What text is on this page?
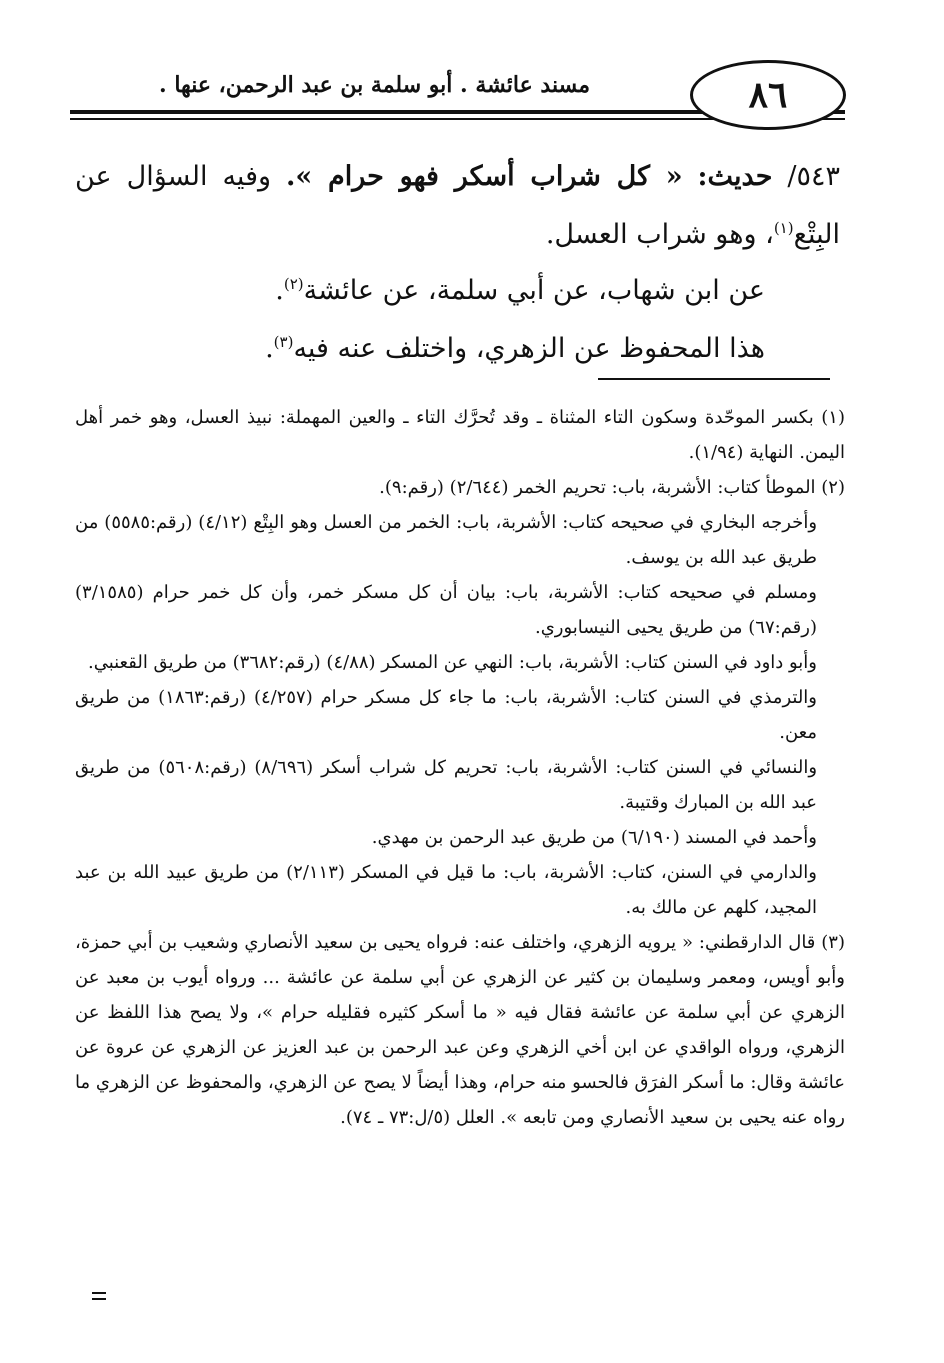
مسند عائشة . أبو سلمة بن عبد الرحمن، عنها .	٨٦
٥٤٣/ حديث: « كل شراب أسكر فهو حرام ». وفيه السؤال عن البِتْع$^{(١)}$، وهو شراب العسل.
عن ابن شهاب، عن أبي سلمة، عن عائشة$^{(٢)}$.
هذا المحفوظ عن الزهري، واختلف عنه فيه$^{(٣)}$.
(١) بكسر الموحّدة وسكون التاء المثناة ـ وقد تُحرَّك التاء ـ والعين المهملة: نبيذ العسل، وهو خمر أهل اليمن. النهاية (١/٩٤).
(٢) الموطأ كتاب: الأشربة، باب: تحريم الخمر (٢/٦٤٤) (رقم:٩).
وأخرجه البخاري في صحيحه كتاب: الأشربة، باب: الخمر من العسل وهو البِتْع (٤/١٢) (رقم:٥٥٨٥) من طريق عبد الله بن يوسف.
ومسلم في صحيحه كتاب: الأشربة، باب: بيان أن كل مسكر خمر، وأن كل خمر حرام (٣/١٥٨٥) (رقم:٦٧) من طريق يحيى النيسابوري.
وأبو داود في السنن كتاب: الأشربة، باب: النهي عن المسكر (٤/٨٨) (رقم:٣٦٨٢) من طريق القعنبي.
والترمذي في السنن كتاب: الأشربة، باب: ما جاء كل مسكر حرام (٤/٢٥٧) (رقم:١٨٦٣) من طريق معن.
والنسائي في السنن كتاب: الأشربة، باب: تحريم كل شراب أسكر (٨/٦٩٦) (رقم:٥٦٠٨) من طريق عبد الله بن المبارك وقتيبة.
وأحمد في المسند (٦/١٩٠) من طريق عبد الرحمن بن مهدي.
والدارمي في السنن، كتاب: الأشربة، باب: ما قيل في المسكر (٢/١١٣) من طريق عبيد الله بن عبد المجيد، كلهم عن مالك به.
(٣) قال الدارقطني: « يرويه الزهري، واختلف عنه: فرواه يحيى بن سعيد الأنصاري وشعيب بن أبي حمزة، وأبو أويس، ومعمر وسليمان بن كثير عن الزهري عن أبي سلمة عن عائشة ... ورواه أيوب بن معبد عن الزهري عن أبي سلمة عن عائشة فقال فيه « ما أسكر كثيره فقليله حرام »، ولا يصح هذا اللفظ عن الزهري، ورواه الواقدي عن ابن أخي الزهري وعن عبد الرحمن بن عبد العزيز عن الزهري عن عروة عن عائشة وقال: ما أسكر الفرَق فالحسو منه حرام، وهذا أيضاً لا يصح عن الزهري، والمحفوظ عن الزهري ما رواه عنه يحيى بن سعيد الأنصاري ومن تابعه ». العلل (٥/ل:٧٣ ـ ٧٤).
